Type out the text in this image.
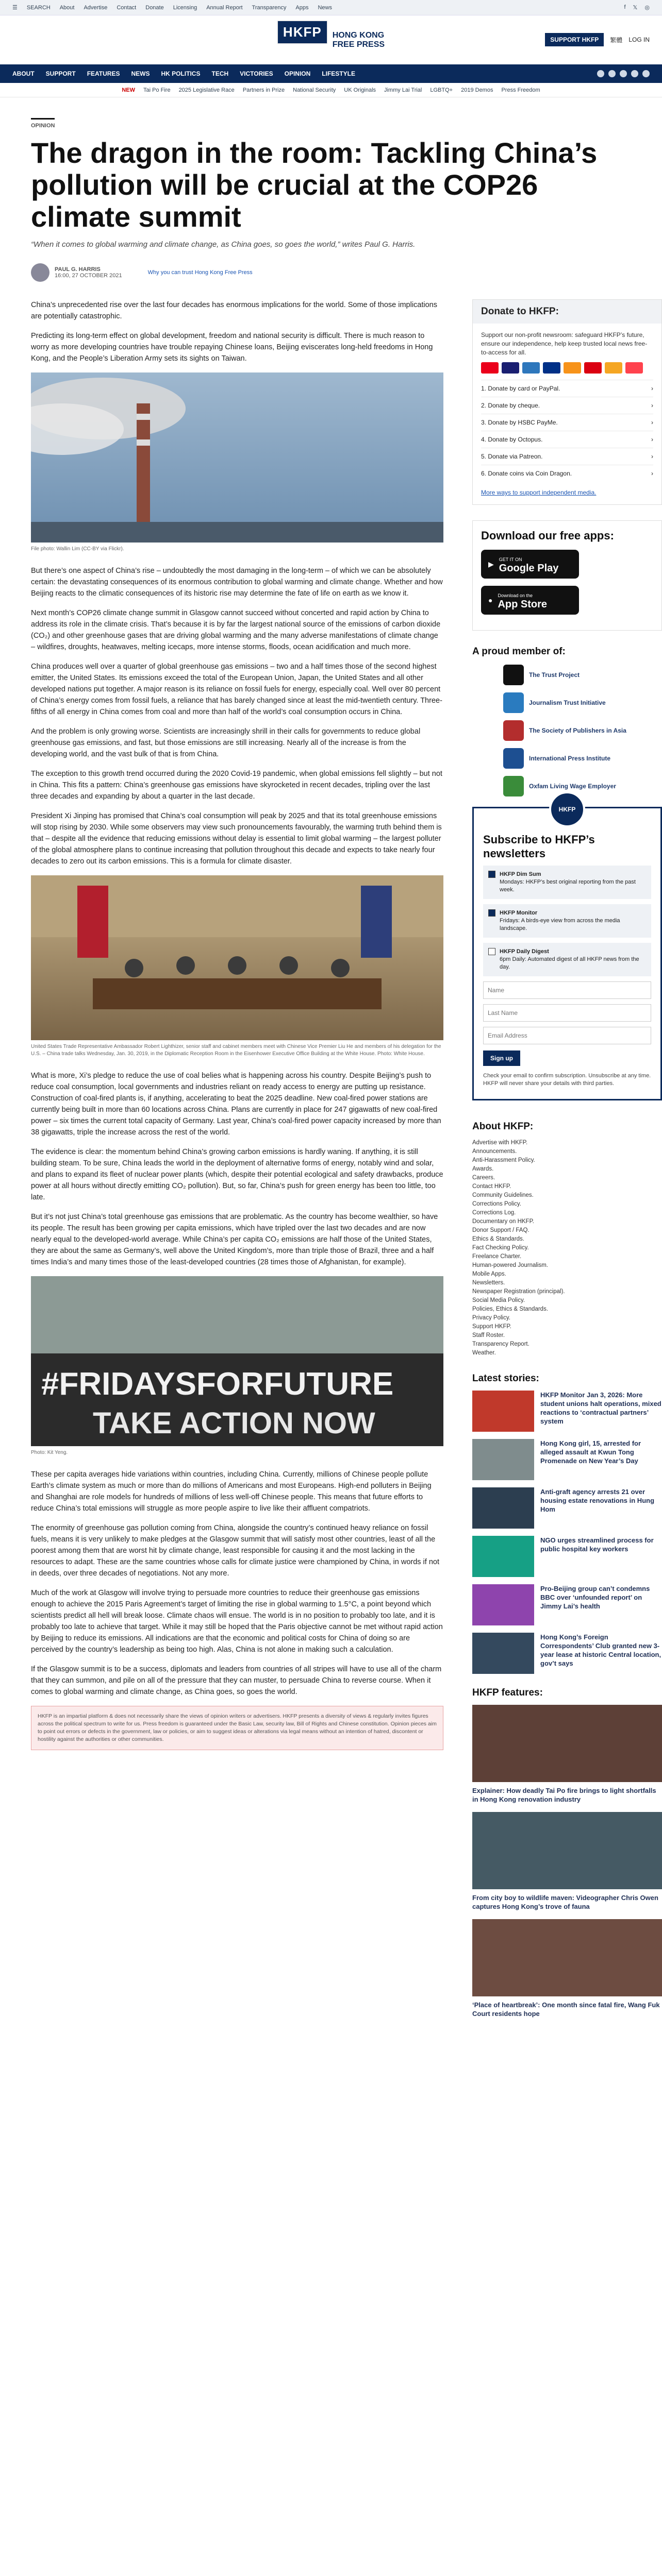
☰ SEARCH About Advertise Contact Donate Licensing Annual Report Transparency Apps News	f 𝕏 ◎
HKFP	HONG KONG
FREE PRESS
SUPPORT HKFP	繁體 LOG IN
ABOUT SUPPORT FEATURES NEWS HK POLITICS TECH VICTORIES OPINION LIFESTYLE
NEW Tai Po Fire 2025 Legislative Race Partners in Prize National Security UK Originals Jimmy Lai Trial LGBTQ+ 2019 Demos Press Freedom
OPINION
The dragon in the room: Tackling China’s pollution will be crucial at the COP26 climate summit

“When it comes to global warming and climate change, as China goes, so goes the world,” writes Paul G. Harris.

PAUL G. HARRIS
16:00, 27 OCTOBER 2021	Why you can trust Hong Kong Free Press

China’s unprecedented rise over the last four decades has enormous implications for the world. Some of those implications are potentially catastrophic.

Predicting its long-term effect on global development, freedom and national security is difficult. There is much reason to worry as more developing countries have trouble repaying Chinese loans, Beijing eviscerates long-held freedoms in Hong Kong, and the People’s Liberation Army sets its sights on Taiwan.

File photo: Wallin Lim (CC-BY via Flickr).

But there’s one aspect of China’s rise – undoubtedly the most damaging in the long-term – of which we can be absolutely certain: the devastating consequences of its enormous contribution to global warming and climate change. Whether and how Beijing reacts to the climatic consequences of its historic rise may determine the fate of life on earth as we know it.

Next month’s COP26 climate change summit in Glasgow cannot succeed without concerted and rapid action by China to address its role in the climate crisis. That’s because it is by far the largest national source of the emissions of carbon dioxide (CO₂) and other greenhouse gases that are driving global warming and the many adverse manifestations of climate change – wildfires, droughts, heatwaves, melting icecaps, more intense storms, floods, ocean acidification and much more.

China produces well over a quarter of global greenhouse gas emissions – two and a half times those of the second highest emitter, the United States. Its emissions exceed the total of the European Union, Japan, the United States and all other developed nations put together. A major reason is its reliance on fossil fuels for energy, especially coal. Well over 80 percent of China’s energy comes from fossil fuels, a reliance that has barely changed since at least the mid-twentieth century. Three-fifths of all energy in China comes from coal and more than half of the world’s coal consumption occurs in China.

And the problem is only growing worse. Scientists are increasingly shrill in their calls for governments to reduce global greenhouse gas emissions, and fast, but those emissions are still increasing. Nearly all of the increase is from the developing world, and the vast bulk of that is from China.

The exception to this growth trend occurred during the 2020 Covid-19 pandemic, when global emissions fell slightly – but not in China. This fits a pattern: China’s greenhouse gas emissions have skyrocketed in recent decades, tripling over the last three decades and expanding by about a quarter in the last decade.

President Xi Jinping has promised that China’s coal consumption will peak by 2025 and that its total greenhouse emissions will stop rising by 2030. While some observers may view such pronouncements favourably, the warming truth behind them is that – despite all the evidence that reducing emissions without delay is essential to limit global warming – the largest polluter of the global atmosphere plans to continue increasing that pollution throughout this decade and expects to take nearly four decades to zero out its carbon emissions. This is a formula for climate disaster.

United States Trade Representative Ambassador Robert Lighthizer, senior staff and cabinet members meet with Chinese Vice Premier Liu He and members of his delegation for the U.S. – China trade talks Wednesday, Jan. 30, 2019, in the Diplomatic Reception Room in the Eisenhower Executive Office Building at the White House. Photo: White House.

What is more, Xi’s pledge to reduce the use of coal belies what is happening across his country. Despite Beijing’s push to reduce coal consumption, local governments and industries reliant on ready access to energy are putting up resistance. Construction of coal-fired plants is, if anything, accelerating to beat the 2025 deadline. New coal-fired power stations are currently being built in more than 60 locations across China. Plans are currently in place for 247 gigawatts of new coal-fired power – six times the current total capacity of Germany. Last year, China’s coal-fired power capacity increased by more than 38 gigawatts, triple the increase across the rest of the world.

The evidence is clear: the momentum behind China’s growing carbon emissions is hardly waning. If anything, it is still building steam. To be sure, China leads the world in the deployment of alternative forms of energy, notably wind and solar, and plans to expand its fleet of nuclear power plants (which, despite their potential ecological and safety drawbacks, produce power at all hours without directly emitting CO₂ pollution). But, so far, China’s push for green energy has been too little, too late.

But it’s not just China’s total greenhouse gas emissions that are problematic. As the country has become wealthier, so have its people. The result has been growing per capita emissions, which have tripled over the last two decades and are now nearly equal to the developed-world average. While China’s per capita CO₂ emissions are half those of the United States, they are about the same as Germany’s, well above the United Kingdom’s, more than triple those of Brazil, three and a half times India’s and many times those of the least-developed countries (28 times those of Afghanistan, for example).

#FRIDAYSFORFUTURE
TAKE ACTION NOW
Photo: Kit Yeng.

These per capita averages hide variations within countries, including China. Currently, millions of Chinese people pollute Earth’s climate system as much or more than do millions of Americans and most Europeans. High-end polluters in Beijing and Shanghai are role models for hundreds of millions of less well-off Chinese people. This means that future efforts to reduce China’s total emissions will struggle as more people aspire to live like their affluent compatriots.

The enormity of greenhouse gas pollution coming from China, alongside the country’s continued heavy reliance on fossil fuels, means it is very unlikely to make pledges at the Glasgow summit that will satisfy most other countries, least of all the poorest among them that are worst hit by climate change, least responsible for causing it and the most lacking in the resources to adapt. These are the same countries whose calls for climate justice were championed by China, in words if not in deeds, over three decades of negotiations. Not any more.

Much of the work at Glasgow will involve trying to persuade more countries to reduce their greenhouse gas emissions enough to achieve the 2015 Paris Agreement’s target of limiting the rise in global warming to 1.5°C, a point beyond which scientists predict all hell will break loose. Climate chaos will ensue. The world is in no position to probably too late, and it is probably too late to achieve that target. While it may still be hoped that the Paris objective cannot be met without rapid action by Beijing to reduce its emissions. All indications are that the economic and political costs for China of doing so are perceived by the country’s leadership as being too high. Alas, China is not alone in making such a calculation.

If the Glasgow summit is to be a success, diplomats and leaders from countries of all stripes will have to use all of the charm that they can summon, and pile on all of the pressure that they can muster, to persuade China to reverse course. When it comes to global warming and climate change, as China goes, so goes the world.

HKFP is an impartial platform & does not necessarily share the views of opinion writers or advertisers. HKFP presents a diversity of views & regularly invites figures across the political spectrum to write for us. Press freedom is guaranteed under the Basic Law, security law, Bill of Rights and Chinese constitution. Opinion pieces aim to point out errors or defects in the government, law or policies, or aim to suggest ideas or alterations via legal means without an intention of hatred, discontent or hostility against the authorities or other communities.
Donate to HKFP:

Support our non-profit newsroom: safeguard HKFP’s future, ensure our independence, help keep trusted local news free-to-access for all.

1. Donate by card or PayPal.	›
2. Donate by cheque.	›
3. Donate by HSBC PayMe.	›
4. Donate by Octopus.	›
5. Donate via Patreon.	›
6. Donate coins via Coin Dragon.	›
More ways to support independent media.
Download our free apps:
▶
GET IT ON
Google Play
●
Download on the
App Store
A proud member of:
The Trust Project
Journalism Trust Initiative
The Society of Publishers in Asia
International Press Institute
Oxfam Living Wage Employer
HKFP
Subscribe to HKFP’s newsletters
HKFP Dim Sum
Mondays: HKFP’s best original reporting from the past week.
HKFP Monitor
Fridays: A birds-eye view from across the media landscape.
HKFP Daily Digest
6pm Daily: Automated digest of all HKFP news from the day.
Name Last Name Email Address Sign up

Check your email to confirm subscription. Unsubscribe at any time. HKFP will never share your details with third parties.

About HKFP:
Advertise with HKFP.
Announcements.
Anti-Harassment Policy.
Awards.
Careers.
Contact HKFP.
Community Guidelines.
Corrections Policy.
Corrections Log.
Documentary on HKFP.
Donor Support / FAQ.
Ethics & Standards.
Fact Checking Policy.
Freelance Charter.
Human-powered Journalism.
Mobile Apps.
Newsletters.
Newspaper Registration (principal).
Social Media Policy.
Policies, Ethics & Standards.
Privacy Policy.
Support HKFP.
Staff Roster.
Transparency Report.
Weather.
Latest stories:
HKFP Monitor Jan 3, 2026: More student unions halt operations, mixed reactions to ‘contractual partners’ system
Hong Kong girl, 15, arrested for alleged assault at Kwun Tong Promenade on New Year’s Day
Anti-graft agency arrests 21 over housing estate renovations in Hung Hom
NGO urges streamlined process for public hospital key workers
Pro-Beijing group can’t condemns BBC over ‘unfounded report’ on Jimmy Lai’s health
Hong Kong’s Foreign Correspondents’ Club granted new 3-year lease at historic Central location, gov’t says
HKFP features:
Explainer: How deadly Tai Po fire brings to light shortfalls in Hong Kong renovation industry
From city boy to wildlife maven: Videographer Chris Owen captures Hong Kong’s trove of fauna
‘Place of heartbreak’: One month since fatal fire, Wang Fuk Court residents hope
